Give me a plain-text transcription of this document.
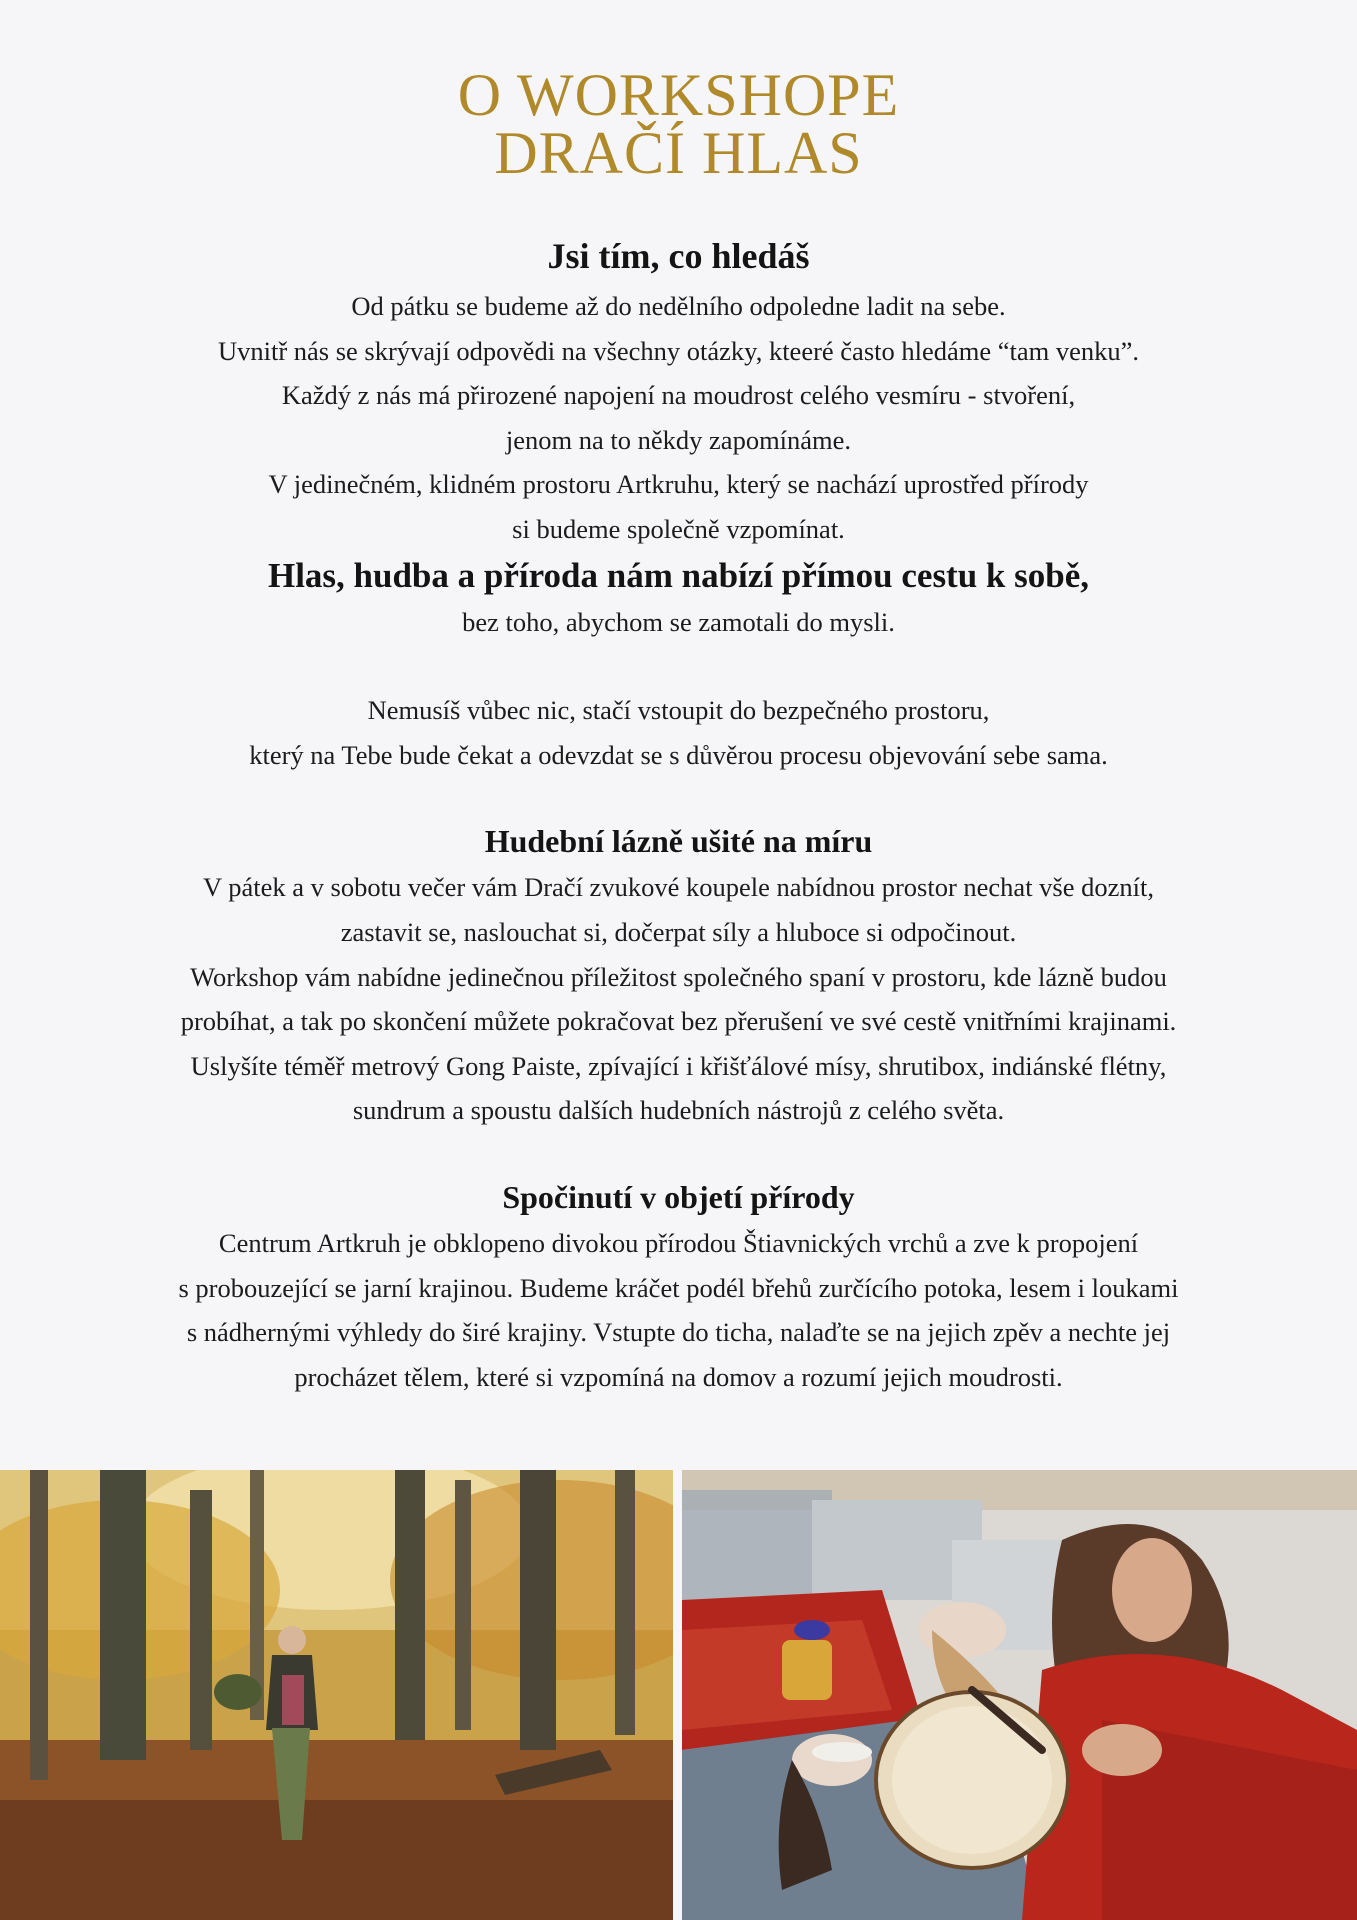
O WORKSHOPE
DRAČÍ HLAS
Jsi tím, co hledáš

Od pátku se budeme až do nedělního odpoledne ladit na sebe.
Uvnitř nás se skrývají odpovědi na všechny otázky, kteeré často hledáme “tam venku”.
Každý z nás má přirozené napojení na moudrost celého vesmíru - stvoření,
jenom na to někdy zapomínáme.
V jedinečném, klidném prostoru Artkruhu, který se nachází uprostřed přírody
si budeme společně vzpomínat.

Hlas, hudba a příroda nám nabízí přímou cestu k sobě,

bez toho, abychom se zamotali do mysli.

Nemusíš vůbec nic, stačí vstoupit do bezpečného prostoru,
který na Tebe bude čekat a odevzdat se s důvěrou procesu objevování sebe sama.

Hudební lázně ušité na míru

V pátek a v sobotu večer vám Dračí zvukové koupele nabídnou prostor nechat vše doznít,
zastavit se, naslouchat si, dočerpat síly a hluboce si odpočinout.
Workshop vám nabídne jedinečnou příležitost společného spaní v prostoru, kde lázně budou
probíhat, a tak po skončení můžete pokračovat bez přerušení ve své cestě vnitřními krajinami.
Uslyšíte téměř metrový Gong Paiste, zpívající i křišťálové mísy, shrutibox, indiánské flétny,
sundrum a spoustu dalších hudebních nástrojů z celého světa.

Spočinutí v objetí přírody

Centrum Artkruh je obklopeno divokou přírodou Štiavnických vrchů a zve k propojení
s probouzející se jarní krajinou. Budeme kráčet podél břehů zurčícího potoka, lesem i loukami
s nádhernými výhledy do širé krajiny. Vstupte do ticha, nalaďte se na jejich zpěv a nechte jej
procházet tělem, které si vzpomíná na domov a rozumí jejich moudrosti.
